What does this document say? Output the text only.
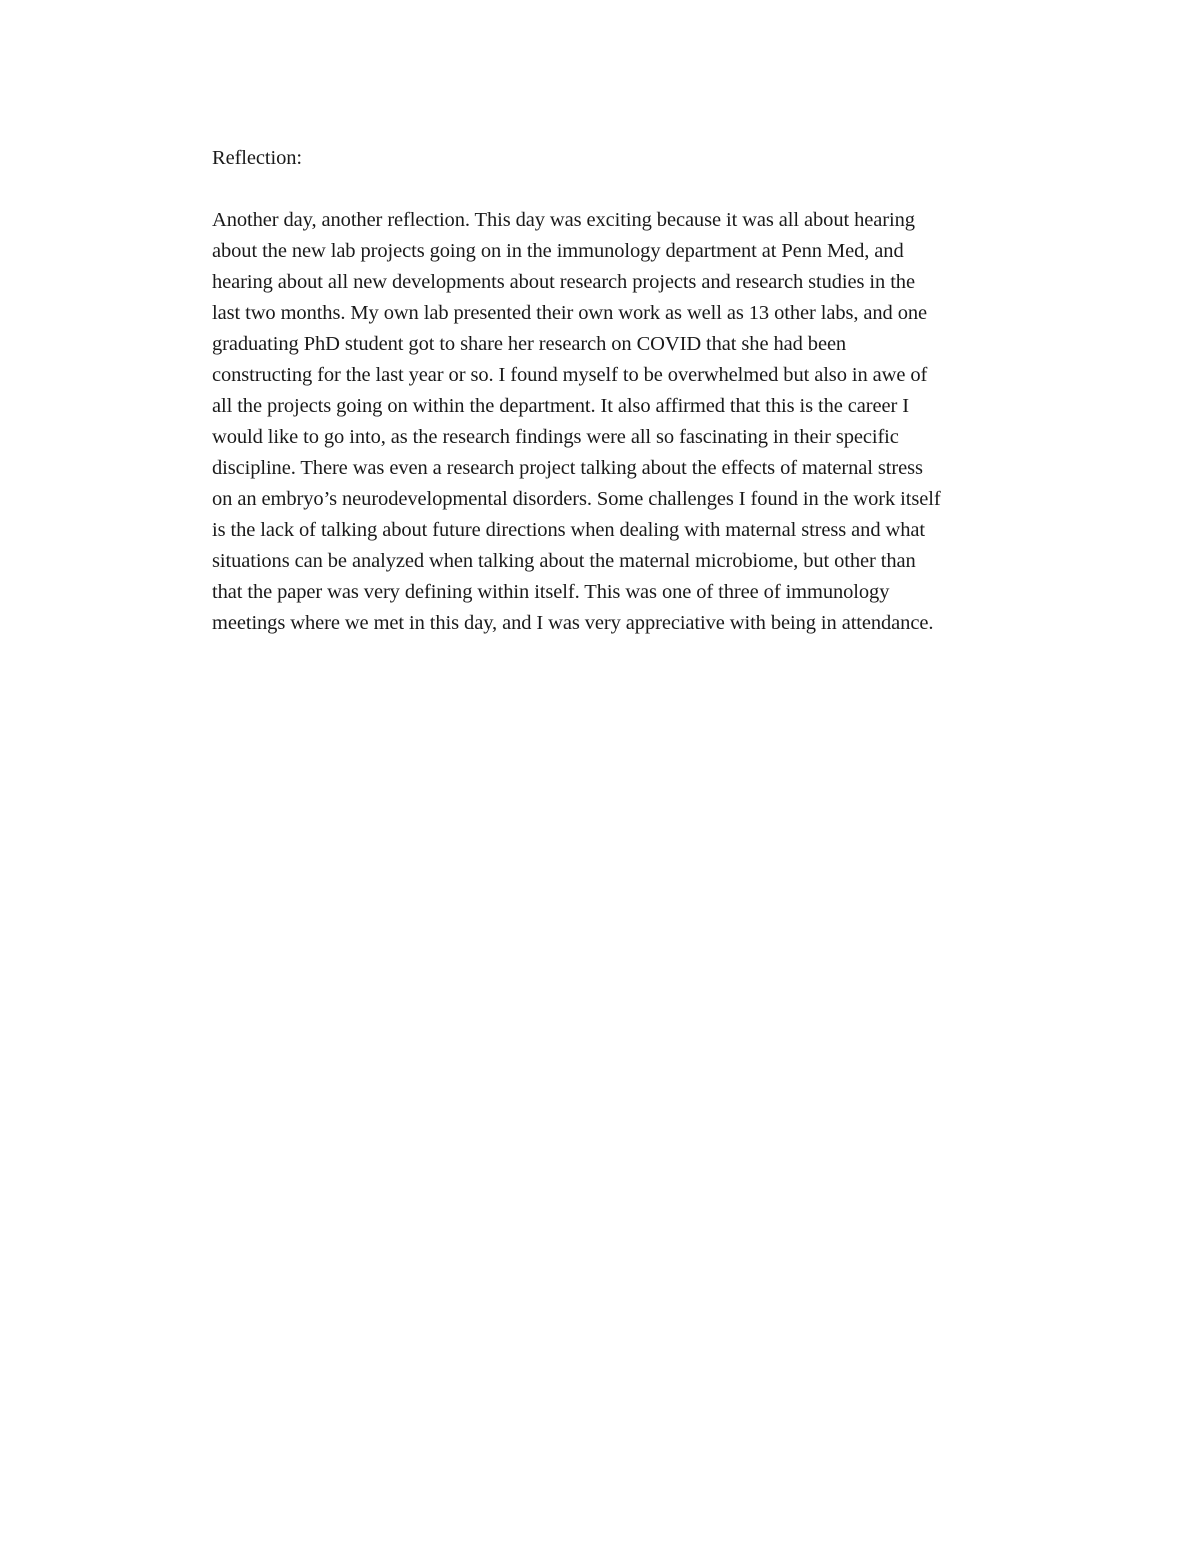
Reflection:
Another day, another reflection. This day was exciting because it was all about hearing
about the new lab projects going on in the immunology department at Penn Med, and
hearing about all new developments about research projects and research studies in the
last two months. My own lab presented their own work as well as 13 other labs, and one
graduating PhD student got to share her research on COVID that she had been
constructing for the last year or so. I found myself to be overwhelmed but also in awe of
all the projects going on within the department. It also affirmed that this is the career I
would like to go into, as the research findings were all so fascinating in their specific
discipline. There was even a research project talking about the effects of maternal stress
on an embryo’s neurodevelopmental disorders. Some challenges I found in the work itself
is the lack of talking about future directions when dealing with maternal stress and what
situations can be analyzed when talking about the maternal microbiome, but other than
that the paper was very defining within itself. This was one of three of immunology
meetings where we met in this day, and I was very appreciative with being in attendance.
